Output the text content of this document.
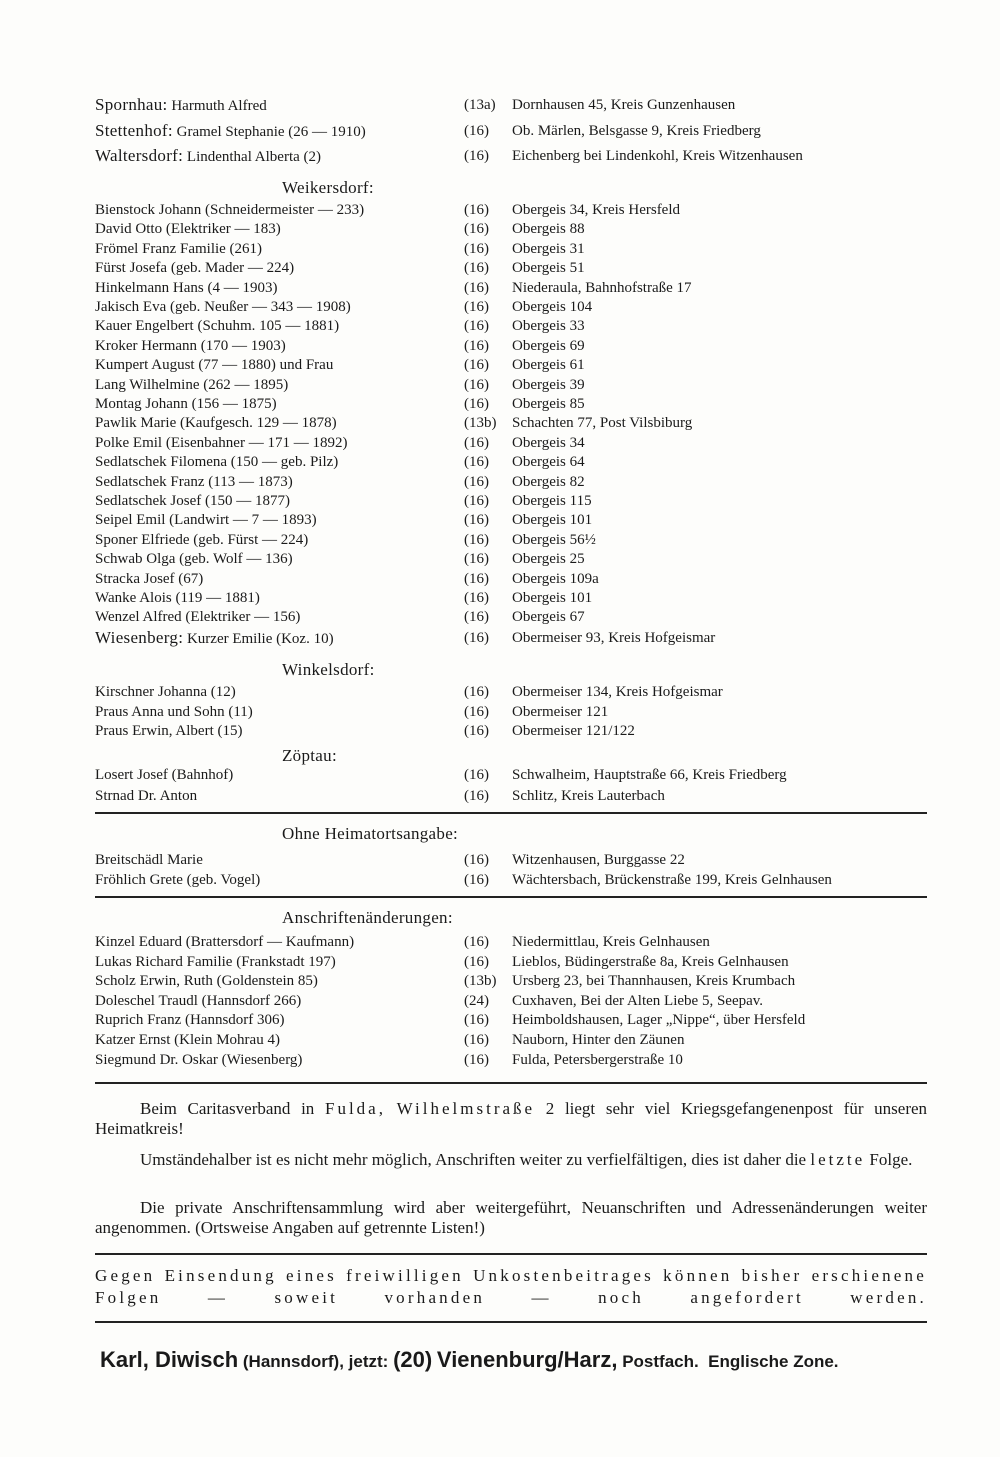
Spornhau: Harmuth Alfred	(13a) Dornhausen 45, Kreis Gunzenhausen
Stettenhof: Gramel Stephanie (26 — 1910)	(16) Ob. Märlen, Belsgasse 9, Kreis Friedberg
Waltersdorf: Lindenthal Alberta (2)	(16) Eichenberg bei Lindenkohl, Kreis Witzenhausen
Weikersdorf:
Bienstock Johann (Schneidermeister — 233)	(16) Obergeis 34, Kreis Hersfeld
David Otto (Elektriker — 183)	(16) Obergeis 88
Frömel Franz Familie (261)	(16) Obergeis 31
Fürst Josefa (geb. Mader — 224)	(16) Obergeis 51
Hinkelmann Hans (4 — 1903)	(16) Niederaula, Bahnhofstraße 17
Jakisch Eva (geb. Neußer — 343 — 1908)	(16) Obergeis 104
Kauer Engelbert (Schuhm. 105 — 1881)	(16) Obergeis 33
Kroker Hermann (170 — 1903)	(16) Obergeis 69
Kumpert August (77 — 1880) und Frau	(16) Obergeis 61
Lang Wilhelmine (262 — 1895)	(16) Obergeis 39
Montag Johann (156 — 1875)	(16) Obergeis 85
Pawlik Marie (Kaufgesch. 129 — 1878)	(13b) Schachten 77, Post Vilsbiburg
Polke Emil (Eisenbahner — 171 — 1892)	(16) Obergeis 34
Sedlatschek Filomena (150 — geb. Pilz)	(16) Obergeis 64
Sedlatschek Franz (113 — 1873)	(16) Obergeis 82
Sedlatschek Josef (150 — 1877)	(16) Obergeis 115
Seipel Emil (Landwirt — 7 — 1893)	(16) Obergeis 101
Sponer Elfriede (geb. Fürst — 224)	(16) Obergeis 56½
Schwab Olga (geb. Wolf — 136)	(16) Obergeis 25
Stracka Josef (67)	(16) Obergeis 109a
Wanke Alois (119 — 1881)	(16) Obergeis 101
Wenzel Alfred (Elektriker — 156)	(16) Obergeis 67
Wiesenberg: Kurzer Emilie (Koz. 10)	(16) Obermeiser 93, Kreis Hofgeismar
Winkelsdorf:
Kirschner Johanna (12)	(16) Obermeiser 134, Kreis Hofgeismar
Praus Anna und Sohn (11)	(16) Obermeiser 121
Praus Erwin, Albert (15)	(16) Obermeiser 121/122
Zöptau:
Losert Josef (Bahnhof)	(16) Schwalheim, Hauptstraße 66, Kreis Friedberg
Strnad Dr. Anton	(16) Schlitz, Kreis Lauterbach
Ohne Heimatortsangabe:
Breitschädl Marie	(16) Witzenhausen, Burggasse 22
Fröhlich Grete (geb. Vogel)	(16) Wächtersbach, Brückenstraße 199, Kreis Gelnhausen
Anschriftenänderungen:
Kinzel Eduard (Brattersdorf — Kaufmann)	(16) Niedermittlau, Kreis Gelnhausen
Lukas Richard Familie (Frankstadt 197)	(16) Lieblos, Büdingerstraße 8a, Kreis Gelnhausen
Scholz Erwin, Ruth (Goldenstein 85)	(13b) Ursberg 23, bei Thannhausen, Kreis Krumbach
Doleschel Traudl (Hannsdorf 266)	(24) Cuxhaven, Bei der Alten Liebe 5, Seepav.
Ruprich Franz (Hannsdorf 306)	(16) Heimboldshausen, Lager „Nippe“, über Hersfeld
Katzer Ernst (Klein Mohrau 4)	(16) Nauborn, Hinter den Zäunen
Siegmund Dr. Oskar (Wiesenberg)	(16) Fulda, Petersbergerstraße 10
Beim Caritasverband in Fulda, Wilhelmstraße 2 liegt sehr viel Kriegsgefangenenpost für unseren Heimatkreis!
Umständehalber ist es nicht mehr möglich, Anschriften weiter zu verfielfältigen, dies ist daher die letzte Folge.
Die private Anschriftensammlung wird aber weitergeführt, Neuanschriften und Adressenänderungen weiter angenommen. (Ortsweise Angaben auf getrennte Listen!)
Gegen Einsendung eines freiwilligen Unkostenbeitrages können bisher erschienene Folgen — soweit vorhanden — noch angefordert werden.
Karl, Diwisch (Hannsdorf), jetzt: (20) Vienenburg/Harz, Postfach. Englische Zone.
